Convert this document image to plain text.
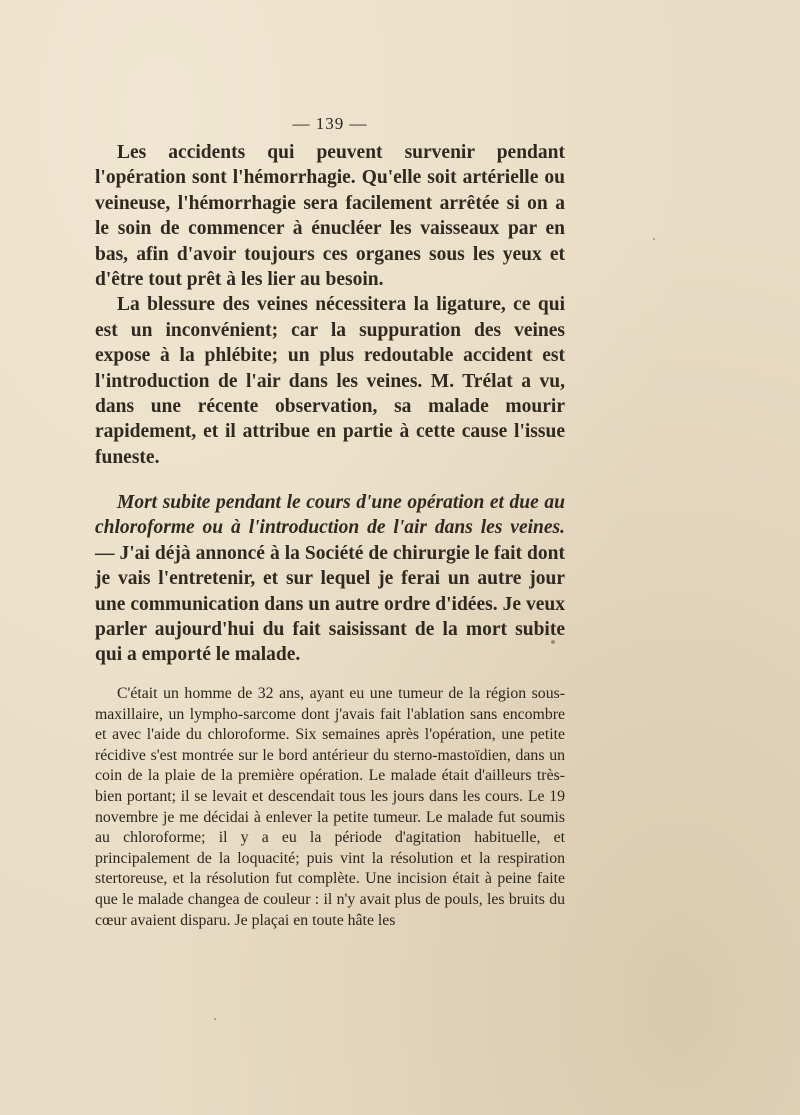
— 139 —

Les accidents qui peuvent survenir pendant l'opération sont l'hémorrhagie. Qu'elle soit artérielle ou veineuse, l'hémorrhagie sera facilement arrêtée si on a le soin de commencer à énucléer les vaisseaux par en bas, afin d'avoir toujours ces organes sous les yeux et d'être tout prêt à les lier au besoin.

La blessure des veines nécessitera la ligature, ce qui est un inconvénient; car la suppuration des veines expose à la phlébite; un plus redoutable accident est l'introduction de l'air dans les veines. M. Trélat a vu, dans une récente observation, sa malade mourir rapidement, et il attribue en partie à cette cause l'issue funeste.

Mort subite pendant le cours d'une opération et due au chloroforme ou à l'introduction de l'air dans les veines. — J'ai déjà annoncé à la Société de chirurgie le fait dont je vais l'entretenir, et sur lequel je ferai un autre jour une communication dans un autre ordre d'idées. Je veux parler aujourd'hui du fait saisissant de la mort subite qui a emporté le malade.

C'était un homme de 32 ans, ayant eu une tumeur de la région sous-maxillaire, un lympho-sarcome dont j'avais fait l'ablation sans encombre et avec l'aide du chloroforme. Six semaines après l'opération, une petite récidive s'est montrée sur le bord antérieur du sterno-mastoïdien, dans un coin de la plaie de la première opération. Le malade était d'ailleurs très-bien portant; il se levait et descendait tous les jours dans les cours. Le 19 novembre je me décidai à enlever la petite tumeur. Le malade fut soumis au chloroforme; il y a eu la période d'agitation habituelle, et principalement de la loquacité; puis vint la résolution et la respiration stertoreuse, et la résolution fut complète. Une incision était à peine faite que le malade changea de couleur : il n'y avait plus de pouls, les bruits du cœur avaient disparu. Je plaçai en toute hâte les
